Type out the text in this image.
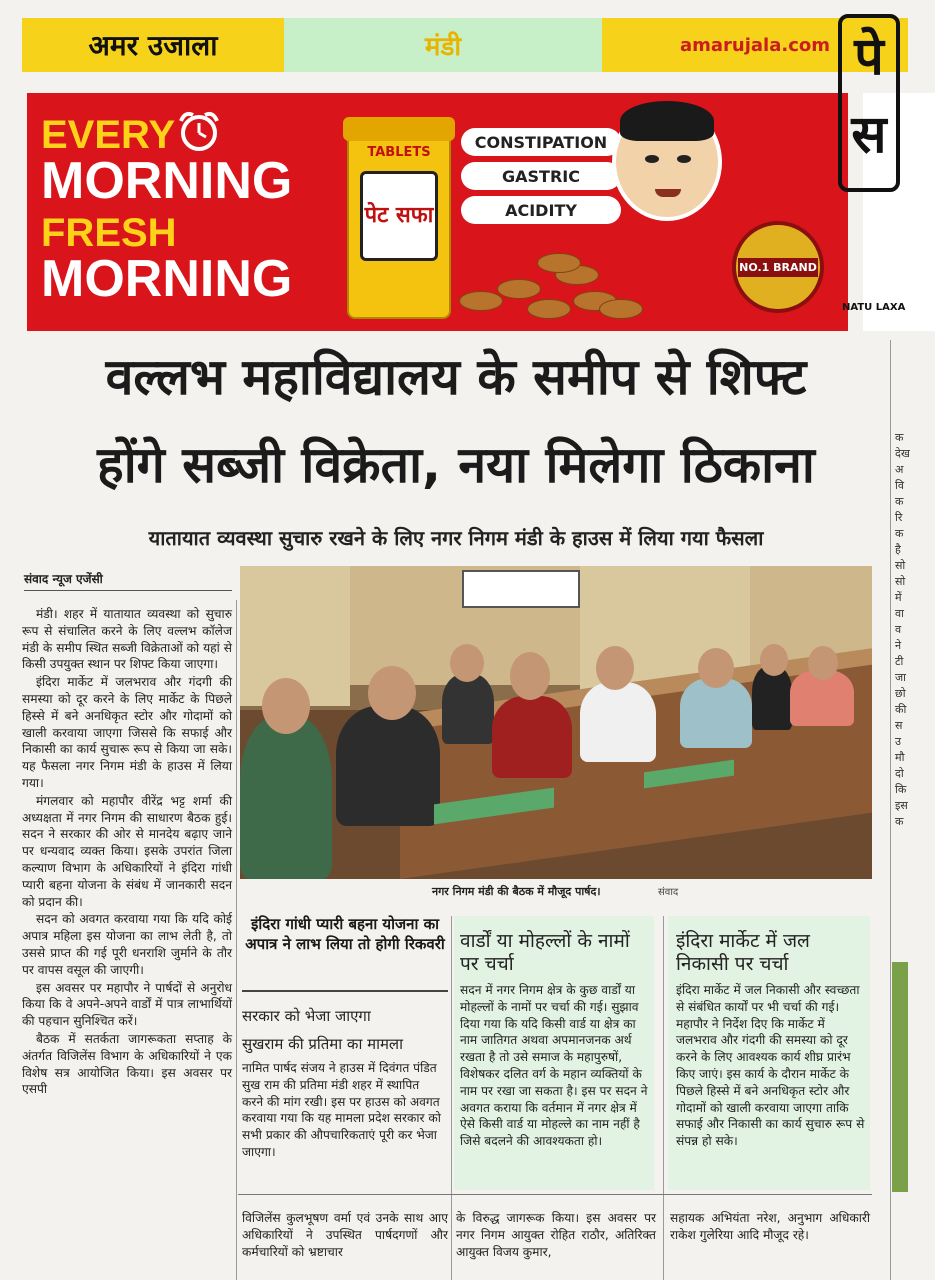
अमर उजाला	मंडी	amarujala.com
EVERY
MORNING
FRESH
MORNING
TABLETS
पेट सफा
CONSTIPATION
GASTRIC
ACIDITY
NO.1 BRAND
पे स
NATU LAXA
वल्लभ महाविद्यालय के समीप से शिफ्ट
होंगे सब्जी विक्रेता, नया मिलेगा ठिकाना
यातायात व्यवस्था सुचारु रखने के लिए नगर निगम मंडी के हाउस में लिया गया फैसला
संवाद न्यूज एजेंसी

मंडी। शहर में यातायात व्यवस्था को सुचारु रूप से संचालित करने के लिए वल्लभ कॉलेज मंडी के समीप स्थित सब्जी विक्रेताओं को यहां से किसी उपयुक्त स्थान पर शिफ्ट किया जाएगा।

इंदिरा मार्केट में जलभराव और गंदगी की समस्या को दूर करने के लिए मार्केट के पिछले हिस्से में बने अनधिकृत स्टोर और गोदामों को खाली करवाया जाएगा जिससे कि सफाई और निकासी का कार्य सुचारू रूप से किया जा सके। यह फैसला नगर निगम मंडी के हाउस में लिया गया।

मंगलवार को महापौर वीरेंद्र भट्ट शर्मा की अध्यक्षता में नगर निगम की साधारण बैठक हुई। सदन ने सरकार की ओर से मानदेय बढ़ाए जाने पर धन्यवाद व्यक्त किया। इसके उपरांत जिला कल्याण विभाग के अधिकारियों ने इंदिरा गांधी प्यारी बहना योजना के संबंध में जानकारी सदन को प्रदान की।

सदन को अवगत करवाया गया कि यदि कोई अपात्र महिला इस योजना का लाभ लेती है, तो उससे प्राप्त की गई पूरी धनराशि जुर्माने के तौर पर वापस वसूल की जाएगी।

इस अवसर पर महापौर ने पार्षदों से अनुरोध किया कि वे अपने-अपने वार्डों में पात्र लाभार्थियों की पहचान सुनिश्चित करें।

बैठक में सतर्कता जागरूकता सप्ताह के अंतर्गत विजिलेंस विभाग के अधिकारियों ने एक विशेष सत्र आयोजित किया। इस अवसर पर एसपी

नगर निगम मंडी की बैठक में मौजूद पार्षद।	संवाद
इंदिरा गांधी प्यारी बहना योजना का अपात्र ने लाभ लिया तो होगी रिकवरी
सरकार को भेजा जाएगा
सुखराम की प्रतिमा का मामला

नामित पार्षद संजय ने हाउस में दिवंगत पंडित सुख राम की प्रतिमा मंडी शहर में स्थापित करने की मांग रखी। इस पर हाउस को अवगत करवाया गया कि यह मामला प्रदेश सरकार को सभी प्रकार की औपचारिकताएं पूरी कर भेजा जाएगा।

वार्डों या मोहल्लों के नामों पर चर्चा

सदन में नगर निगम क्षेत्र के कुछ वार्डों या मोहल्लों के नामों पर चर्चा की गई। सुझाव दिया गया कि यदि किसी वार्ड या क्षेत्र का नाम जातिगत अथवा अपमानजनक अर्थ रखता है तो उसे समाज के महापुरुषों, विशेषकर दलित वर्ग के महान व्यक्तियों के नाम पर रखा जा सकता है। इस पर सदन ने अवगत कराया कि वर्तमान में नगर क्षेत्र में ऐसे किसी वार्ड या मोहल्ले का नाम नहीं है जिसे बदलने की आवश्यकता हो।

इंदिरा मार्केट में जल निकासी पर चर्चा

इंदिरा मार्केट में जल निकासी और स्वच्छता से संबंधित कार्यों पर भी चर्चा की गई। महापौर ने निर्देश दिए कि मार्केट में जलभराव और गंदगी की समस्या को दूर करने के लिए आवश्यक कार्य शीघ्र प्रारंभ किए जाएं। इस कार्य के दौरान मार्केट के पिछले हिस्से में बने अनधिकृत स्टोर और गोदामों को खाली करवाया जाएगा ताकि सफाई और निकासी का कार्य सुचारु रूप से संपन्न हो सके।

विजिलेंस कुलभूषण वर्मा एवं उनके साथ आए अधिकारियों ने उपस्थित पार्षदगणों और कर्मचारियों को भ्रष्टाचार

के विरुद्ध जागरूक किया। इस अवसर पर नगर निगम आयुक्त रोहित राठौर, अतिरिक्त आयुक्त विजय कुमार,

सहायक अभियंता नरेश, अनुभाग अधिकारी राकेश गुलेरिया आदि मौजूद रहे।

क देख अ वि क रि क है सो सो में वा व ने टी जा छो की स उ मौ दो कि इस क
